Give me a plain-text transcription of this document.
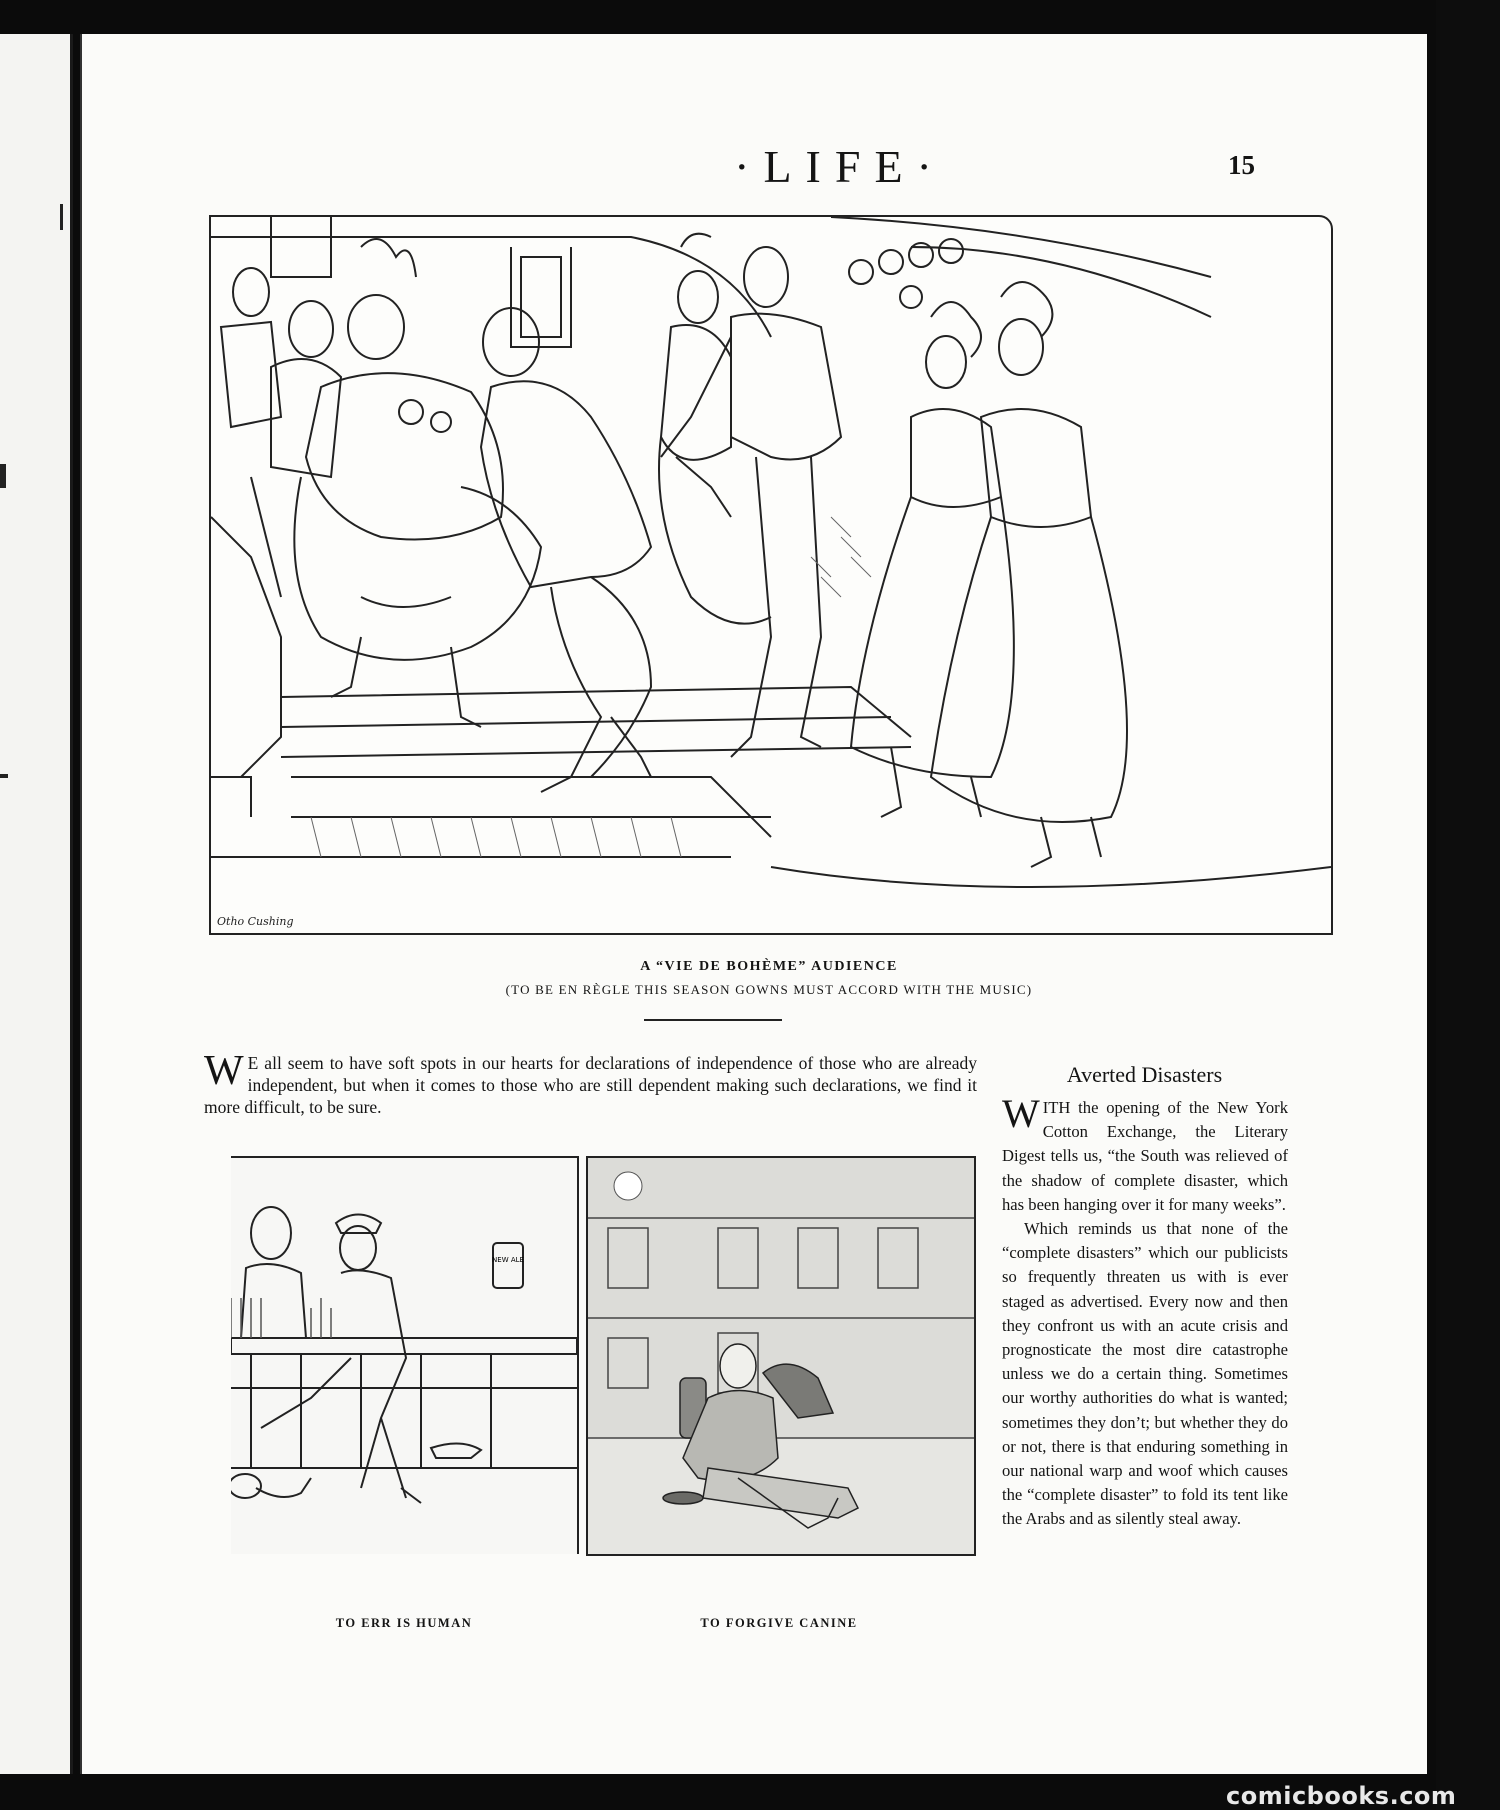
·LIFE·	15
Otho Cushing
A “VIE DE BOHÈME” AUDIENCE
(TO BE EN RÈGLE THIS SEASON GOWNS MUST ACCORD WITH THE MUSIC)
W E all seem to have soft spots in our hearts for declarations of independence of those who are already independent, but when it comes to those who are still dependent making such declarations, we find it more difficult, to be sure.
NEW ALE
TO ERR IS HUMAN	TO FORGIVE CANINE
Averted Disasters

WITH the opening of the New York Cotton Exchange, the Literary Digest tells us, “the South was relieved of the shadow of complete disaster, which has been hanging over it for many weeks”.

Which reminds us that none of the “complete disasters” which our publicists so frequently threaten us with is ever staged as advertised. Every now and then they confront us with an acute crisis and prognosticate the most dire catastrophe unless we do a certain thing. Sometimes our worthy authorities do what is wanted; sometimes they don’t; but whether they do or not, there is that enduring something in our national warp and woof which causes the “complete disaster” to fold its tent like the Arabs and as silently steal away.

comicbooks.com
